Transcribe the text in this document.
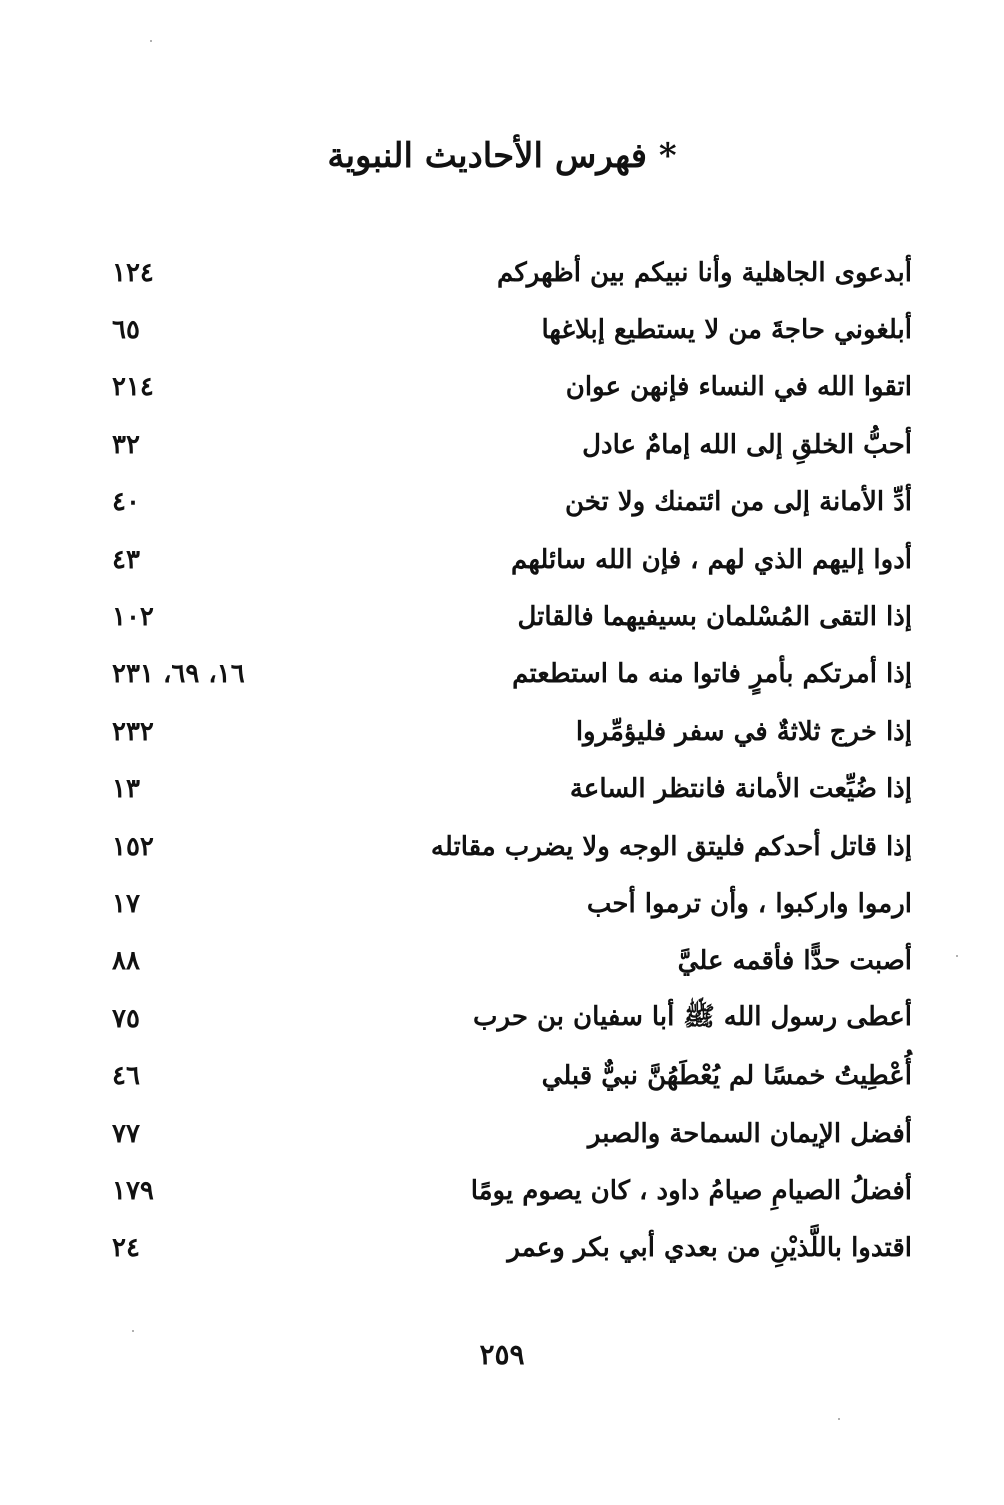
* فهرس الأحاديث النبوية
١٢٤	أبدعوى الجاهلية وأنا نبيكم بين أظهركم
٦٥	أبلغوني حاجةَ من لا يستطيع إبلاغها
٢١٤	اتقوا الله في النساء فإنهن عوان
٣٢	أحبُّ الخلقِ إلى الله إمامٌ عادل
٤٠	أدِّ الأمانة إلى من ائتمنك ولا تخن
٤٣	أدوا إليهم الذي لهم ، فإن الله سائلهم
١٠٢	إذا التقى المُسْلمان بسيفيهما فالقاتل
١٦، ٦٩، ٢٣١	إذا أمرتكم بأمرٍ فاتوا منه ما استطعتم
٢٣٢	إذا خرج ثلاثةٌ في سفر فليؤمِّروا
١٣	إذا ضُيِّعت الأمانة فانتظر الساعة
١٥٢	إذا قاتل أحدكم فليتق الوجه ولا يضرب مقاتله
١٧	ارموا واركبوا ، وأن ترموا أحب
٨٨	أصبت حدًّا فأقمه عليَّ
٧٥	أعطى رسول الله ﷺ أبا سفيان بن حرب
٤٦	أُعْطِيتُ خمسًا لم يُعْطَهُنَّ نبيٌّ قبلي
٧٧	أفضل الإيمان السماحة والصبر
١٧٩	أفضلُ الصيامِ صيامُ داود ، كان يصوم يومًا
٢٤	اقتدوا باللَّذيْنِ من بعدي أبي بكر وعمر
٢٥٩
